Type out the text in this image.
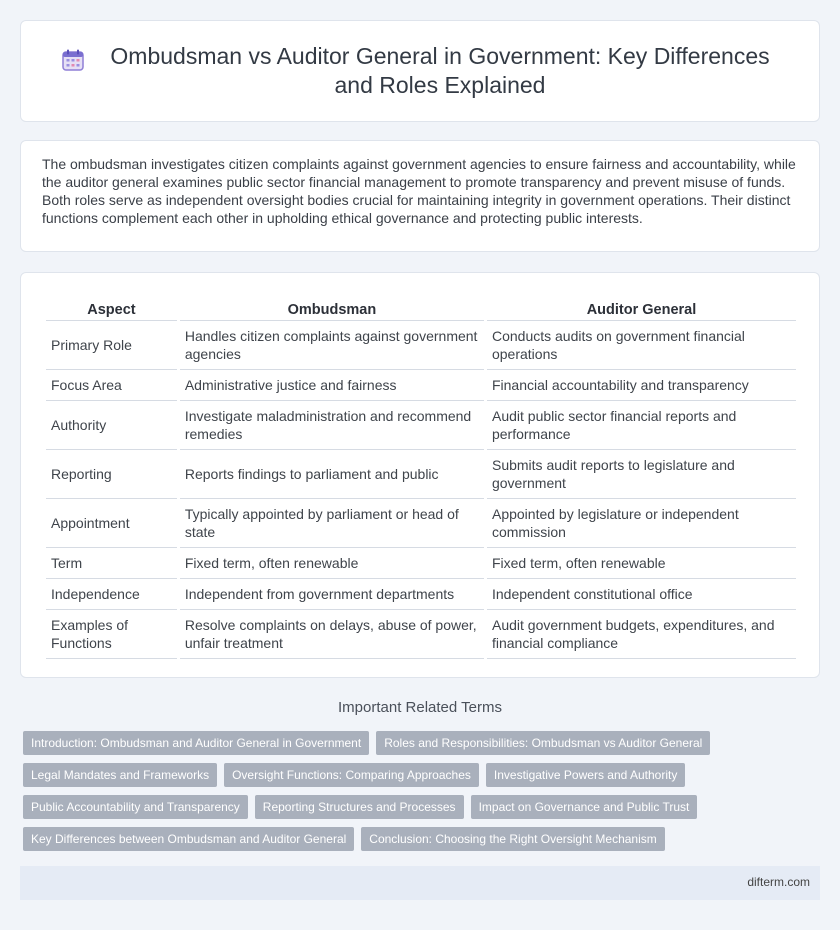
Ombudsman vs Auditor General in Government: Key Differences and Roles Explained

The ombudsman investigates citizen complaints against government agencies to ensure fairness and accountability, while the auditor general examines public sector financial management to promote transparency and prevent misuse of funds. Both roles serve as independent oversight bodies crucial for maintaining integrity in government operations. Their distinct functions complement each other in upholding ethical governance and protecting public interests.

Aspect	Ombudsman	Auditor General
Primary Role	Handles citizen complaints against government agencies	Conducts audits on government financial operations
Focus Area	Administrative justice and fairness	Financial accountability and transparency
Authority	Investigate maladministration and recommend remedies	Audit public sector financial reports and performance
Reporting	Reports findings to parliament and public	Submits audit reports to legislature and government
Appointment	Typically appointed by parliament or head of state	Appointed by legislature or independent commission
Term	Fixed term, often renewable	Fixed term, often renewable
Independence	Independent from government departments	Independent constitutional office
Examples of Functions	Resolve complaints on delays, abuse of power, unfair treatment	Audit government budgets, expenditures, and financial compliance
Important Related Terms
Introduction: Ombudsman and Auditor General in Government	Roles and Responsibilities: Ombudsman vs Auditor General
Legal Mandates and Frameworks	Oversight Functions: Comparing Approaches	Investigative Powers and Authority
Public Accountability and Transparency	Reporting Structures and Processes	Impact on Governance and Public Trust
Key Differences between Ombudsman and Auditor General	Conclusion: Choosing the Right Oversight Mechanism
difterm.com
